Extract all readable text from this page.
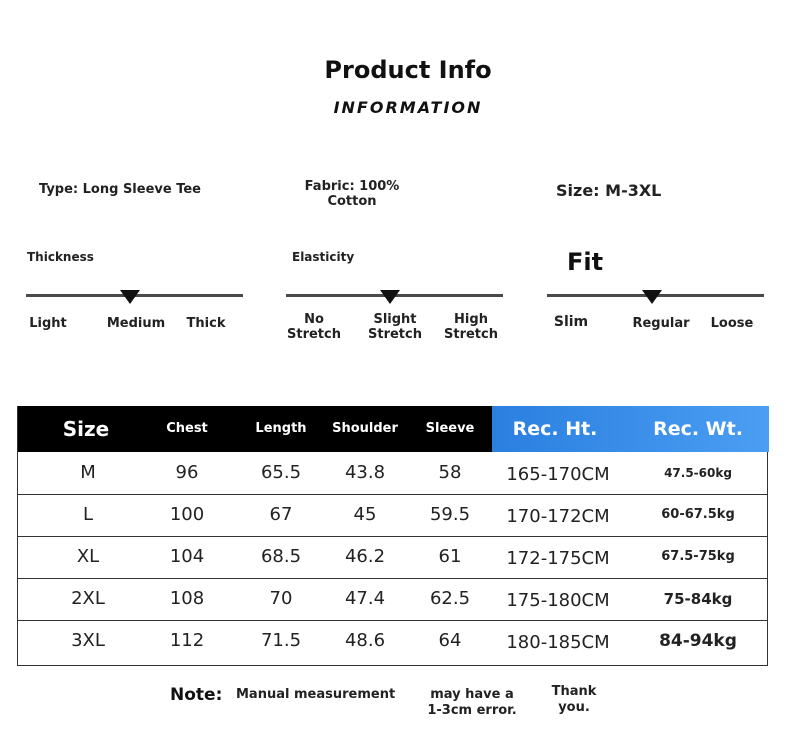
Product Info
INFORMATION
Type: Long Sleeve Tee	Fabric: 100%
Cotton
Size: M-3XL
Thickness
Light	Medium	Thick
Elasticity
No
Stretch
Slight
Stretch
High
Stretch
Fit
Slim	Regular	Loose
Size	Chest	Length	Shoulder	Sleeve	Rec. Ht.	Rec. Wt.
M	96	65.5	43.8	58	165-170CM	47.5-60kg
L	100	67	45	59.5	170-172CM	60-67.5kg
XL	104	68.5	46.2	61	172-175CM	67.5-75kg
2XL	108	70	47.4	62.5	175-180CM	75-84kg
3XL	112	71.5	48.6	64	180-185CM	84-94kg
Note: Manual measurement	may have a
1-3cm error.
Thank
you.
